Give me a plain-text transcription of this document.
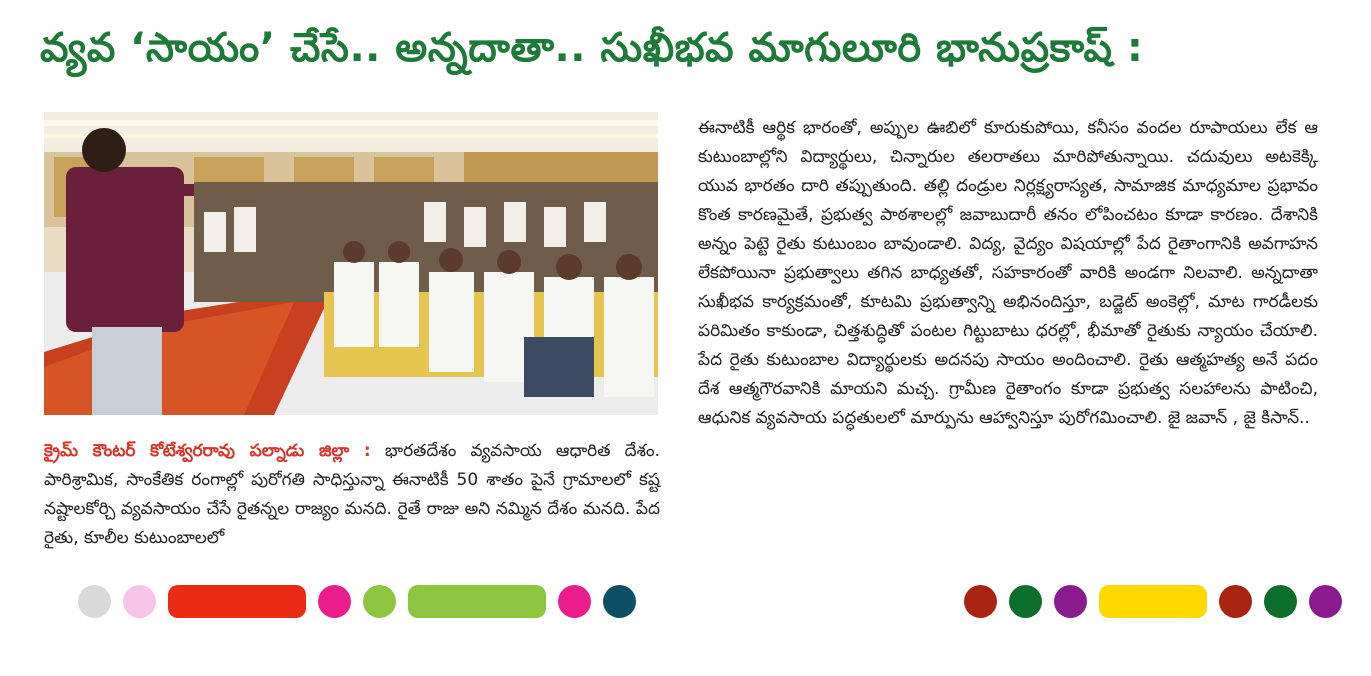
వ్యవ ‘సాయం’ చేసే.. అన్నదాతా.. సుఖీభవ మాగులూరి భానుప్రకాష్ :
క్రైమ్ కౌంటర్ కోటేశ్వరరావు పల్నాడు జిల్లా : భారతదేశం వ్యవసాయ ఆధారిత దేశం. పారిశ్రామిక, సాంకేతిక రంగాల్లో పురోగతి సాధిస్తున్నా ఈనాటికీ 50 శాతం పైనే గ్రామాలలో కష్ట నష్టాలకోర్చి వ్యవసాయం చేసే రైతన్నల రాజ్యం మనది. రైతే రాజు అని నమ్మిన దేశం మనది. పేద రైతు, కూలీల కుటుంబాలలో
ఈనాటికీ ఆర్థిక భారంతో, అప్పుల ఊబిలో కూరుకుపోయి, కనీసం వందల రూపాయలు లేక ఆ కుటుంబాల్లోని విద్యార్థులు, చిన్నారుల తలరాతలు మారిపోతున్నాయి. చదువులు అటకెక్కి యువ భారతం దారి తప్పుతుంది. తల్లి దండ్రుల నిర్లక్ష్యరాస్యత, సామాజిక మాధ్యమాల ప్రభావం కొంత కారణమైతే, ప్రభుత్వ పాఠశాలల్లో జవాబుదారీ తనం లోపించటం కూడా కారణం. దేశానికి అన్నం పెట్టె రైతు కుటుంబం బావుండాలి. విద్య, వైద్యం విషయాల్లో పేద రైతాంగానికి అవగాహన లేకపోయినా ప్రభుత్వాలు తగిన బాధ్యతతో, సహకారంతో వారికి అండగా నిలవాలి. అన్నదాతా సుఖీభవ కార్యక్రమంతో, కూటమి ప్రభుత్వాన్ని అభినందిస్తూ, బడ్జెట్ అంకెల్లో, మాట గారడీలకు పరిమితం కాకుండా, చిత్తశుద్ధితో పంటల గిట్టుబాటు ధరల్లో, భీమాతో రైతుకు న్యాయం చేయాలి. పేద రైతు కుటుంబాల విద్యార్థులకు అదనపు సాయం అందించాలి. రైతు ఆత్మహత్య అనే పదం దేశ ఆత్మగౌరవానికి మాయని మచ్చ. గ్రామీణ రైతాంగం కూడా ప్రభుత్వ సలహాలను పాటించి, ఆధునిక వ్యవసాయ పద్ధతులలో మార్పును ఆహ్వానిస్తూ పురోగమించాలి. జై జవాన్ , జై కిసాన్..
